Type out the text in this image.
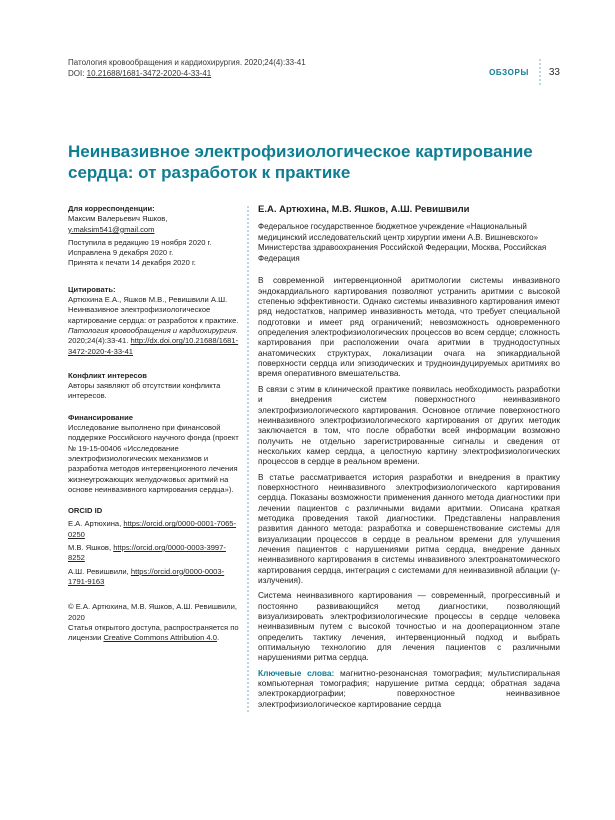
Патология кровообращения и кардиохирургия. 2020;24(4):33-41
DOI: 10.21688/1681-3472-2020-4-33-41	ОБЗОРЫ 33
Неинвазивное электрофизиологическое картирование сердца: от разработок к практике
Для корреспонденции:

Максим Валерьевич Яшков,

y.maksim541@gmail.com

Поступила в редакцию 19 ноября 2020 г.

Исправлена 9 декабря 2020 г.

Принята к печати 14 декабря 2020 г.

Цитировать:

Артюхина Е.А., Яшков М.В., Ревишвили А.Ш. Неинвазивное электрофизиологическое картирование сердца: от разработок к практике. Патология кровообращения и кардиохирургия. 2020;24(4):33-41. http://dx.doi.org/10.21688/1681-3472-2020-4-33-41

Конфликт интересов

Авторы заявляют об отсутствии конфликта интересов.

Финансирование

Исследование выполнено при финансовой поддержке Российского научного фонда (проект № 19-15-00406 «Исследование электрофизиологических механизмов и разработка методов интервенционного лечения жизнеугрожающих желудочковых аритмий на основе неинвазивного картирования сердца»).

ORCID ID

Е.А. Артюхина, https://orcid.org/0000-0001-7065-0250

М.В. Яшков, https://orcid.org/0000-0003-3997-8252

А.Ш. Ревишвили, https://orcid.org/0000-0003-1791-9163

© Е.А. Артюхина, М.В. Яшков, А.Ш. Ревишвили, 2020

Статья открытого доступа, распространяется по лицензии Creative Commons Attribution 4.0.

Е.А. Артюхина, М.В. Яшков, А.Ш. Ревишвили

Федеральное государственное бюджетное учреждение «Национальный медицинский исследовательский центр хирургии имени А.В. Вишневского» Министерства здравоохранения Российской Федерации, Москва, Российская Федерация

В современной интервенционной аритмологии системы инвазивного эндокардиального картирования позволяют устранить аритмии с высокой степенью эффективности. Однако системы инвазивного картирования имеют ряд недостатков, например инвазивность метода, что требует специальной подготовки и имеет ряд ограничений; невозможность одновременного определения электрофизиологических процессов во всем сердце; сложность картирования при расположении очага аритмии в труднодоступных анатомических структурах, локализации очага на эпикардиальной поверхности сердца или эпизодических и трудноиндуцируемых аритмиях во время оперативного вмешательства.

В связи с этим в клинической практике появилась необходимость разработки и внедрения систем поверхностного неинвазивного электрофизиологического картирования. Основное отличие поверхностного неинвазивного электрофизиологического картирования от других методик заключается в том, что после обработки всей информации возможно получить не отдельно зарегистрированные сигналы и сведения от нескольких камер сердца, а целостную картину электрофизиологических процессов в сердце в реальном времени.

В статье рассматривается история разработки и внедрения в практику поверхностного неинвазивного электрофизиологического картирования сердца. Показаны возможности применения данного метода диагностики при лечении пациентов с различными видами аритмии. Описана краткая методика проведения такой диагностики. Представлены направления развития данного метода: разработка и совершенствование системы для визуализации процессов в сердце в реальном времени для улучшения лечения пациентов с нарушениями ритма сердца, внедрение данных неинвазивного картирования в системы инвазивного электроанатомического картирования сердца, интеграция с системами для неинвазивной аблации (γ-излучения).

Система неинвазивного картирования — современный, прогрессивный и постоянно развивающийся метод диагностики, позволяющий визуализировать электрофизиологические процессы в сердце человека неинвазивным путем с высокой точностью и на дооперационном этапе определить тактику лечения, интервенционный подход и выбрать оптимальную технологию для лечения пациентов с различными нарушениями ритма сердца.

Ключевые слова: магнитно-резонансная томография; мультиспиральная компьютерная томография; нарушение ритма сердца; обратная задача электрокардиографии; поверхностное неинвазивное электрофизиологическое картирование сердца
